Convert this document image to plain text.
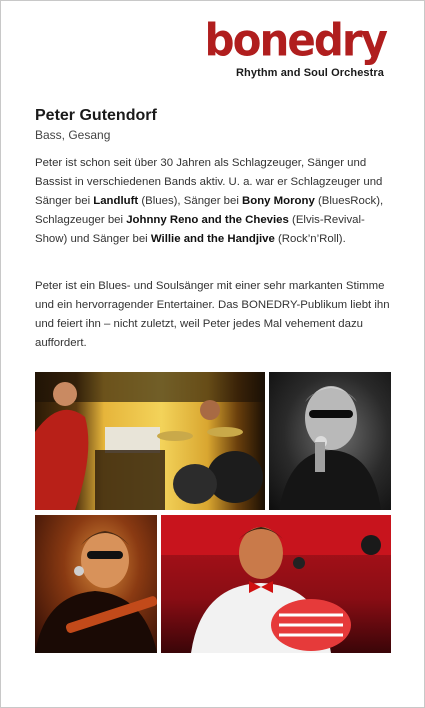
bonedry
Rhythm and Soul Orchestra
Peter Gutendorf
Bass, Gesang

Peter ist schon seit über 30 Jahren als Schlagzeuger, Sänger und Bassist in verschiedenen Bands aktiv. U. a. war er Schlagzeuger und Sänger bei Landluft (Blues), Sänger bei Bony Morony (BluesRock), Schlagzeuger bei Johnny Reno and the Chevies (Elvis-Revival-Show) und Sänger bei Willie and the Handjive (Rock’n’Roll).

Peter ist ein Blues- und Soulsänger mit einer sehr markanten Stimme und ein hervorragender Entertainer. Das BONEDRY-Publikum liebt ihn und feiert ihn – nicht zuletzt, weil Peter jedes Mal vehement dazu auffordert.
